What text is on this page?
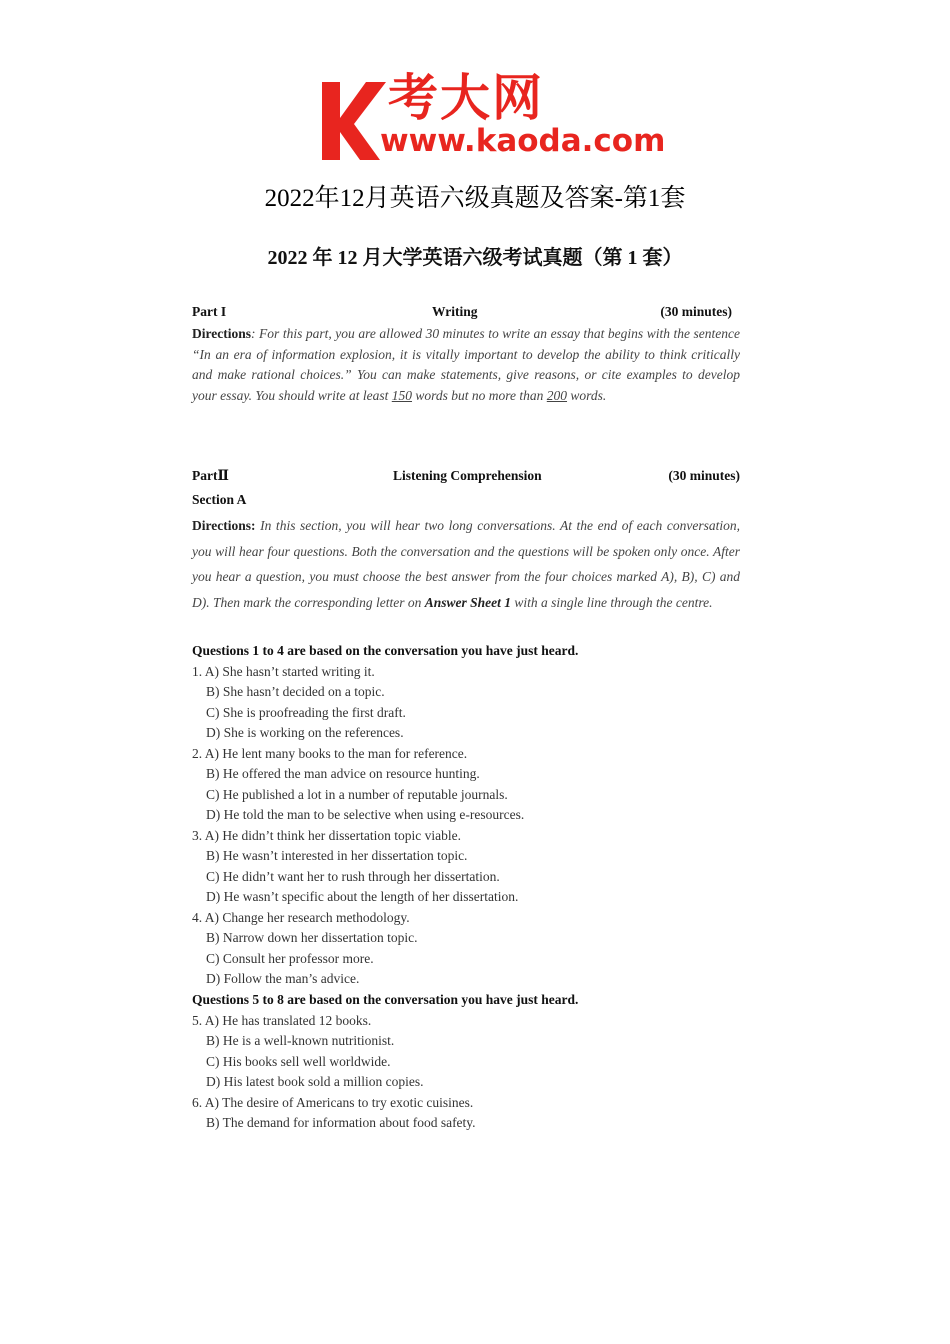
考大网
www.kaoda.com
2022年12月英语六级真题及答案-第1套
2022 年 12 月大学英语六级考试真题（第 1 套）
Part I	Writing	(30 minutes)
Directions: For this part, you are allowed 30 minutes to write an essay that begins with the sentence “In an era of information explosion, it is vitally important to develop the ability to think critically and make rational choices.” You can make statements, give reasons, or cite examples to develop your essay. You should write at least 150 words but no more than 200 words.
PartⅡ	Listening Comprehension	(30 minutes)
Section A
Directions: In this section, you will hear two long conversations. At the end of each conversation, you will hear four questions. Both the conversation and the questions will be spoken only once. After you hear a question, you must choose the best answer from the four choices marked A), B), C) and D). Then mark the corresponding letter on Answer Sheet 1 with a single line through the centre.
Questions 1 to 4 are based on the conversation you have just heard.
1. A) She hasn’t started writing it.
B) She hasn’t decided on a topic.
C) She is proofreading the first draft.
D) She is working on the references.
2. A) He lent many books to the man for reference.
B) He offered the man advice on resource hunting.
C) He published a lot in a number of reputable journals.
D) He told the man to be selective when using e-resources.
3. A) He didn’t think her dissertation topic viable.
B) He wasn’t interested in her dissertation topic.
C) He didn’t want her to rush through her dissertation.
D) He wasn’t specific about the length of her dissertation.
4. A) Change her research methodology.
B) Narrow down her dissertation topic.
C) Consult her professor more.
D) Follow the man’s advice.
Questions 5 to 8 are based on the conversation you have just heard.
5. A) He has translated 12 books.
B) He is a well-known nutritionist.
C) His books sell well worldwide.
D) His latest book sold a million copies.
6. A) The desire of Americans to try exotic cuisines.
B) The demand for information about food safety.
